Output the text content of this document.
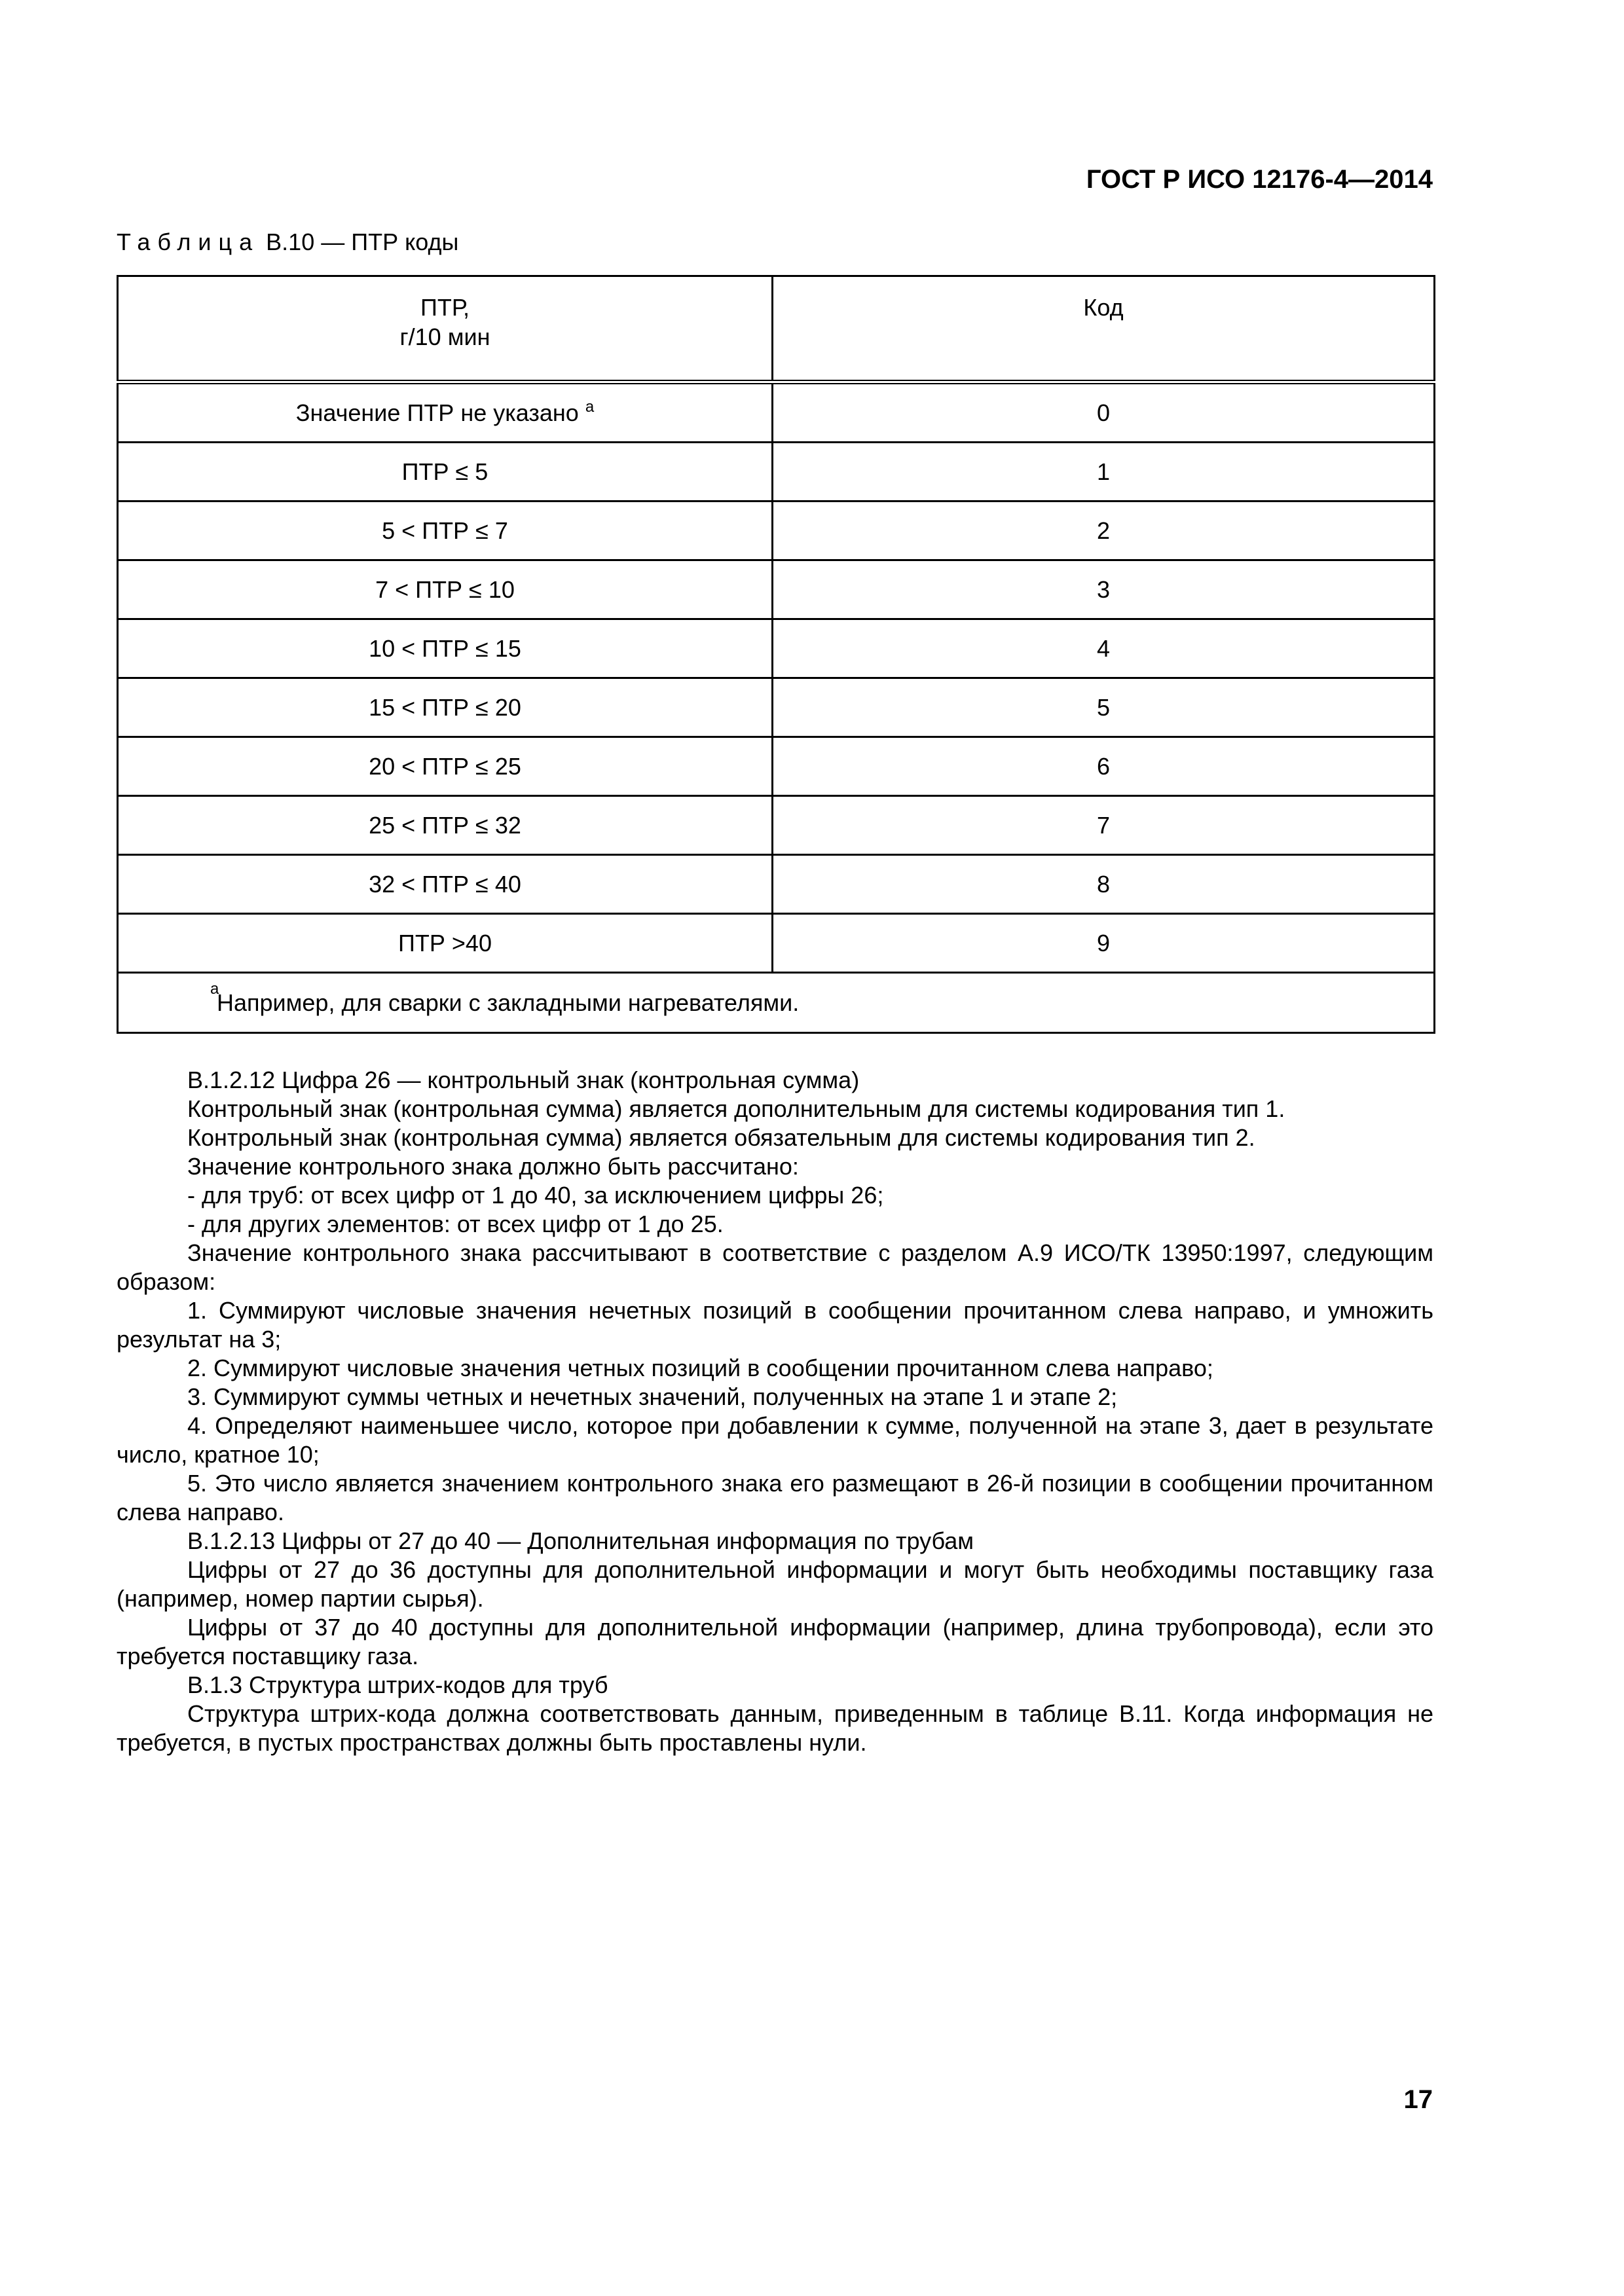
ГОСТ Р ИСО 12176-4—2014

Таблица B.10 — ПТР коды

ПТР,
г/10 мин	Код
Значение ПТР не указано $^a$	0
ПТР ≤ 5	1
5 < ПТР ≤ 7	2
7 < ПТР ≤ 10	3
10 < ПТР ≤ 15	4
15 < ПТР ≤ 20	5
20 < ПТР ≤ 25	6
25 < ПТР ≤ 32	7
32 < ПТР ≤ 40	8
ПТР >40	9

a
Например, для сварки с закладными нагревателями.	

B.1.2.12 Цифра 26 — контрольный знак (контрольная сумма)

Контрольный знак (контрольная сумма) является дополнительным для системы кодирования тип 1.

Контрольный знак (контрольная сумма) является обязательным для системы кодирования тип 2.

Значение контрольного знака должно быть рассчитано:

- для труб: от всех цифр от 1 до 40, за исключением цифры 26;

- для других элементов: от всех цифр от 1 до 25.

Значение контрольного знака рассчитывают в соответствие с разделом A.9 ИСО/ТК 13950:1997, следующим образом:

1. Суммируют числовые значения нечетных позиций в сообщении прочитанном слева направо, и умножить результат на 3;

2. Суммируют числовые значения четных позиций в сообщении прочитанном слева направо;

3. Суммируют суммы четных и нечетных значений, полученных на этапе 1 и этапе 2;

4. Определяют наименьшее число, которое при добавлении к сумме, полученной на этапе 3, дает в результате число, кратное 10;

5. Это число является значением контрольного знака его размещают в 26-й позиции в сообщении прочитанном слева направо.

B.1.2.13 Цифры от 27 до 40 — Дополнительная информация по трубам

Цифры от 27 до 36 доступны для дополнительной информации и могут быть необходимы поставщику газа (например, номер партии сырья).

Цифры от 37 до 40 доступны для дополнительной информации (например, длина трубопровода), если это требуется поставщику газа.

B.1.3 Структура штрих-кодов для труб

Структура штрих-кода должна соответствовать данным, приведенным в таблице B.11. Когда информация не требуется, в пустых пространствах должны быть проставлены нули.

17
